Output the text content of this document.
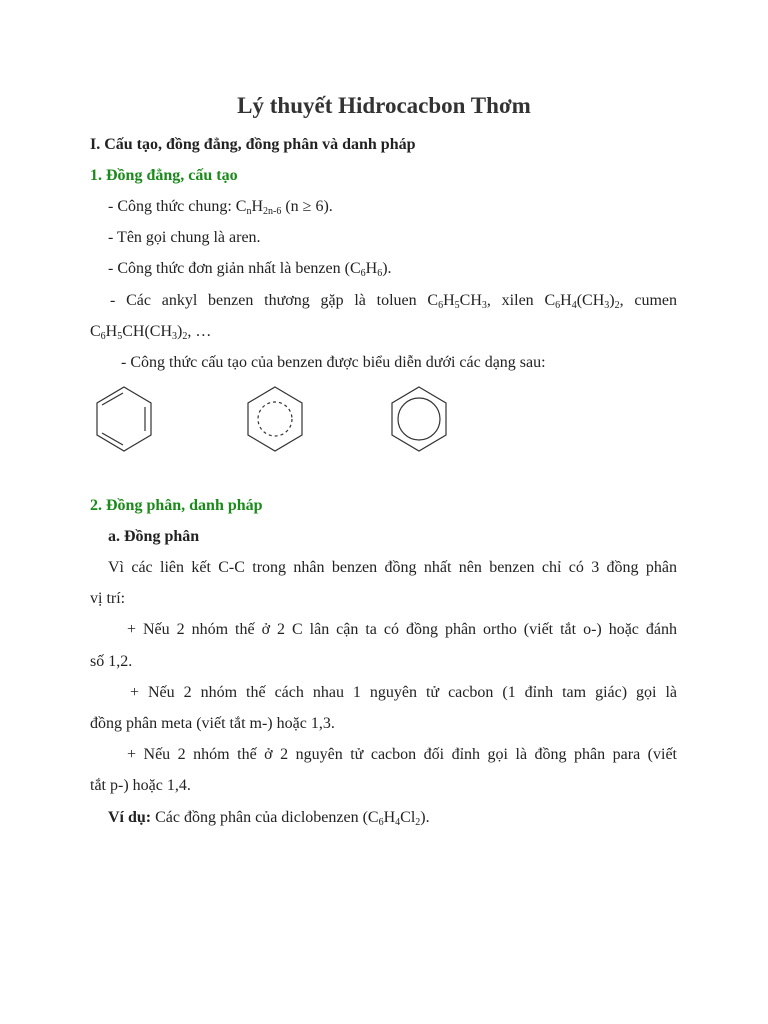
Lý thuyết Hidrocacbon Thơm
I. Cấu tạo, đồng đẳng, đồng phân và danh pháp
1. Đồng đẳng, cấu tạo
- Công thức chung: $C_nH_{2n-6}$ (n ≥ 6).
- Tên gọi chung là aren.
- Công thức đơn giản nhất là benzen $(C_6H_6)$.
- Các ankyl benzen thương gặp là toluen $C_6H_5CH_3$, xilen $C_6H_4(CH_3)_2$, cumen
$C_6H_5CH(CH_3)_2$, …
- Công thức cấu tạo của benzen được biểu diễn dưới các dạng sau:
2. Đồng phân, danh pháp
a. Đồng phân
Vì các liên kết C-C trong nhân benzen đồng nhất nên benzen chỉ có 3 đồng phân
vị trí:
+ Nếu 2 nhóm thế ở 2 C lân cận ta có đồng phân ortho (viết tắt o-) hoặc đánh
số 1,2.
+ Nếu 2 nhóm thế cách nhau 1 nguyên tử cacbon (1 đỉnh tam giác) gọi là
đồng phân meta (viết tắt m-) hoặc 1,3.
+ Nếu 2 nhóm thế ở 2 nguyên tử cacbon đối đỉnh gọi là đồng phân para (viết
tắt p-) hoặc 1,4.
Ví dụ: Các đồng phân của diclobenzen $(C_6H_4Cl_2)$.
